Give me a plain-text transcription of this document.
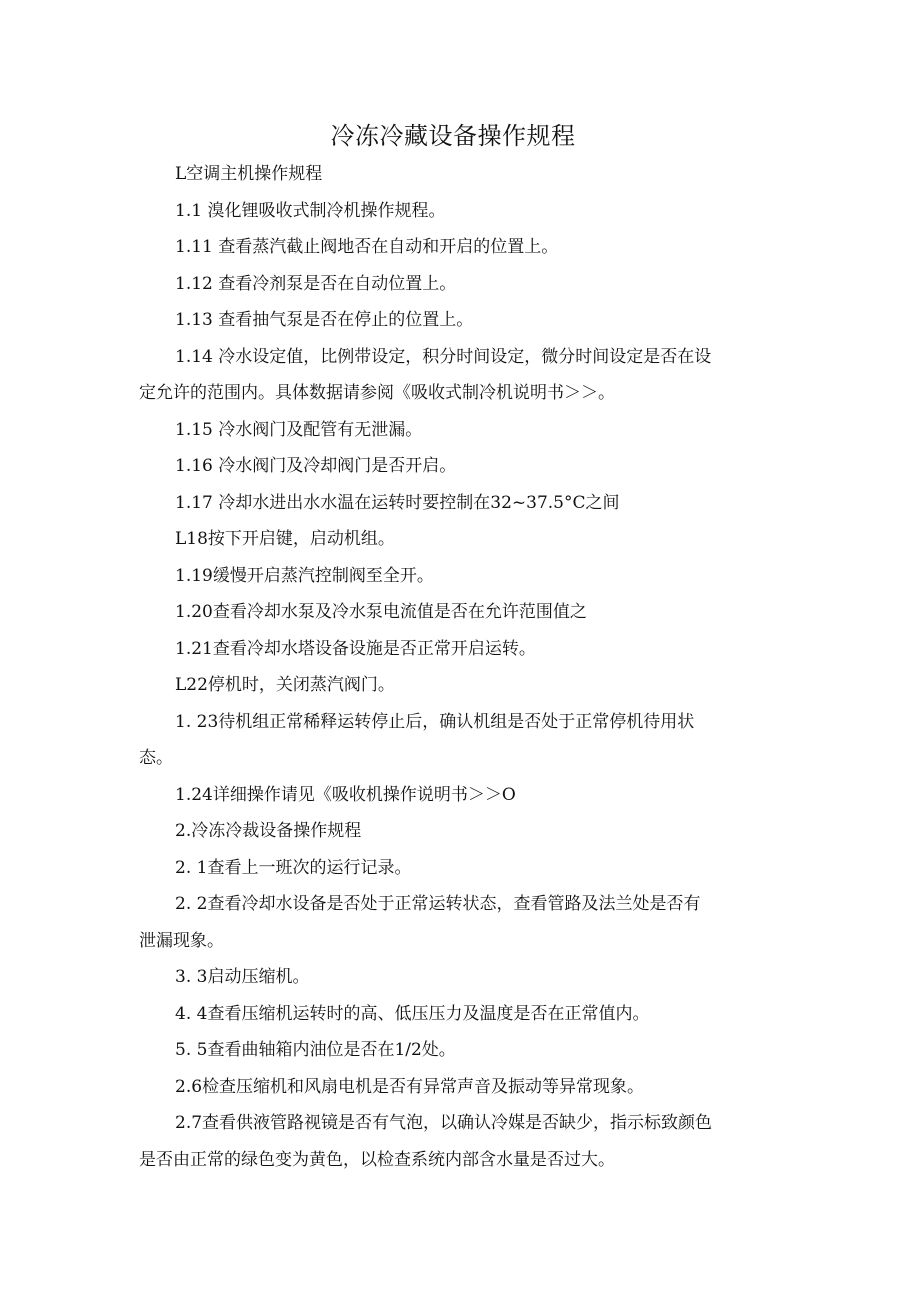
冷冻冷藏设备操作规程

L空调主机操作规程

1.1 溴化锂吸收式制冷机操作规程。

1.11 查看蒸汽截止阀地否在自动和开启的位置上。

1.12 查看冷剂泵是否在自动位置上。

1.13 查看抽气泵是否在停止的位置上。

1.14 冷水设定值，比例带设定，积分时间设定，微分时间设定是否在设
定允许的范围内。具体数据请参阅《吸收式制冷机说明书＞＞。

1.15 冷水阀门及配管有无泄漏。

1.16 冷水阀门及冷却阀门是否开启。

1.17 冷却水进出水水温在运转时要控制在32~37.5°C之间

L18按下开启键，启动机组。

1.19缓慢开启蒸汽控制阀至全开。

1.20查看冷却水泵及冷水泵电流值是否在允许范围值之

1.21查看冷却水塔设备设施是否正常开启运转。

L22停机时，关闭蒸汽阀门。

1. 23待机组正常稀释运转停止后，确认机组是否处于正常停机待用状
态。

1.24详细操作请见《吸收机操作说明书＞＞O

2.冷冻冷裁设备操作规程

2. 1查看上一班次的运行记录。

2. 2查看冷却水设备是否处于正常运转状态，查看管路及法兰处是否有
泄漏现象。

3. 3启动压缩机。

4. 4查看压缩机运转时的高、低压压力及温度是否在正常值内。

5. 5查看曲轴箱内油位是否在1/2处。

2.6检查压缩机和风扇电机是否有异常声音及振动等异常现象。

2.7查看供液管路视镜是否有气泡，以确认冷媒是否缺少，指示标致颜色
是否由正常的绿色变为黄色，以检查系统内部含水量是否过大。
